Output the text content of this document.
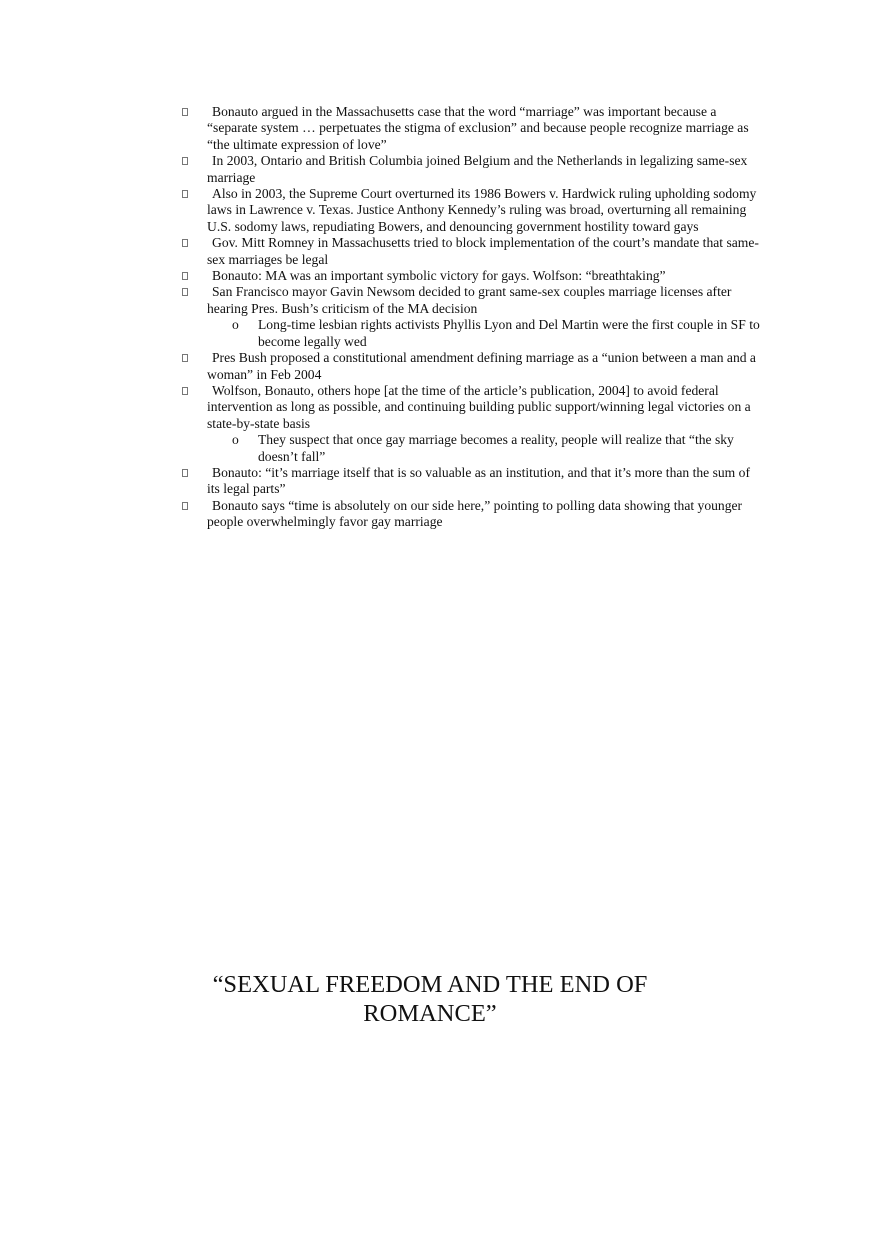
Bonauto argued in the Massachusetts case that the word “marriage” was important because a “separate system … perpetuates the stigma of exclusion” and because people recognize marriage as “the ultimate expression of love”
In 2003, Ontario and British Columbia joined Belgium and the Netherlands in legalizing same-sex marriage
Also in 2003, the Supreme Court overturned its 1986 Bowers v. Hardwick ruling upholding sodomy laws in Lawrence v. Texas. Justice Anthony Kennedy’s ruling was broad, overturning all remaining U.S. sodomy laws, repudiating Bowers, and denouncing government hostility toward gays
Gov. Mitt Romney in Massachusetts tried to block implementation of the court’s mandate that same-sex marriages be legal
Bonauto: MA was an important symbolic victory for gays. Wolfson: “breathtaking”
San Francisco mayor Gavin Newsom decided to grant same-sex couples marriage licenses after hearing Pres. Bush’s criticism of the MA decision
o Long-time lesbian rights activists Phyllis Lyon and Del Martin were the first couple in SF to become legally wed
Pres Bush proposed a constitutional amendment defining marriage as a “union between a man and a woman” in Feb 2004
Wolfson, Bonauto, others hope [at the time of the article’s publication, 2004] to avoid federal intervention as long as possible, and continuing building public support/winning legal victories on a state-by-state basis
o They suspect that once gay marriage becomes a reality, people will realize that “the sky doesn’t fall”
Bonauto: “it’s marriage itself that is so valuable as an institution, and that it’s more than the sum of its legal parts”
Bonauto says “time is absolutely on our side here,” pointing to polling data showing that younger people overwhelmingly favor gay marriage
“SEXUAL FREEDOM AND THE END OF
ROMANCE”
